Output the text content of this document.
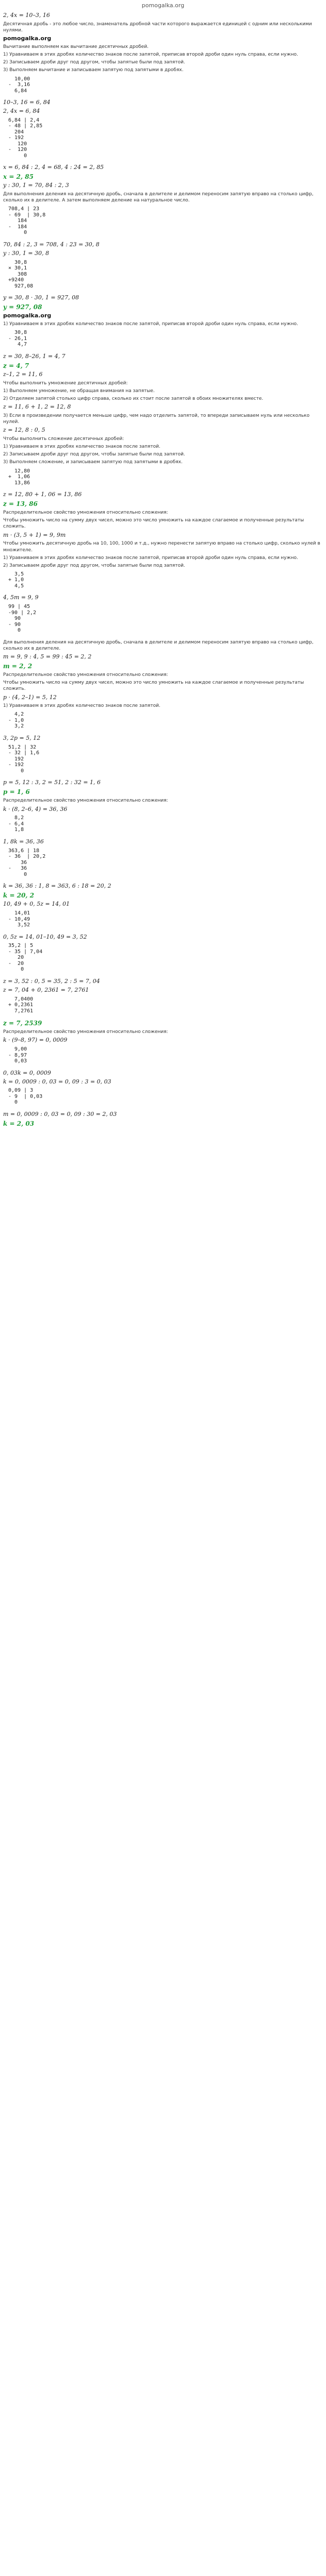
pomogalka.org
2, 4x = 10–3, 16
Десятичная дробь - это любое число, знаменатель дробной части которого выражается единицей с одним или несколькими нулями.
pomogalka.org
Вычитание выполняем как вычитание десятичных дробей.
1) Уравниваем в этих дробях количество знаков после запятой, приписав второй дроби один нуль справа, если нужно.
2) Записываем дроби друг под другом, чтобы запятые были под запятой.
3) Выполняем вычитание и записываем запятую под запятыми в дробях.
10,00
-  3,16
6,84
10–3, 16 = 6, 84
2, 4x = 6, 84
6,84 | 2,4
- 48 | 2,85
204
- 192
120
-  120
0
x = 6, 84 : 2, 4 = 68, 4 : 24 = 2, 85
x = 2, 85
y : 30, 1 = 70, 84 : 2, 3
Для выполнения деления на десятичную дробь, сначала в делителе и делимом переносим запятую вправо на столько цифр, сколько их в делителе. А затем выполняем деление на натуральное число.
708,4 | 23
- 69  | 30,8
184
-  184
0
70, 84 : 2, 3 = 708, 4 : 23 = 30, 8
y : 30, 1 = 30, 8
30,8
× 30,1
308
+9240
927,08
y = 30, 8 · 30, 1 = 927, 08
y = 927, 08
pomogalka.org
1) Уравниваем в этих дробях количество знаков после запятой, приписав второй дроби один нуль справа, если нужно.
30,8
- 26,1
4,7
z = 30, 8–26, 1 = 4, 7
z = 4, 7
z–1, 2 = 11, 6
Чтобы выполнить умножение десятичных дробей:
1) Выполняем умножение, не обращая внимания на запятые.
2) Отделяем запятой столько цифр справа, сколько их стоит после запятой в обоих множителях вместе.
z = 11, 6 + 1, 2 = 12, 8
3) Если в произведении получается меньше цифр, чем надо отделить запятой, то впереди записываем нуль или несколько нулей.
z = 12, 8 : 0, 5
Чтобы выполнить сложение десятичных дробей:
1) Уравниваем в этих дробях количество знаков после запятой.
2) Записываем дроби друг под другом, чтобы запятые были под запятой.
3) Выполняем сложение, и записываем запятую под запятыми в дробях.
12,80
+  1,06
13,86
z = 12, 80 + 1, 06 = 13, 86
z = 13, 86
Распределительное свойство умножения относительно сложения:
Чтобы умножить число на сумму двух чисел, можно это число умножить на каждое слагаемое и полученные результаты сложить.
m · (3, 5 + 1) = 9, 9m
Чтобы умножить десятичную дробь на 10, 100, 1000 и т.д., нужно перенести запятую вправо на столько цифр, сколько нулей в множителе.
1) Уравниваем в этих дробях количество знаков после запятой, приписав второй дроби один нуль справа, если нужно.
2) Записываем дроби друг под другом, чтобы запятые были под запятой.
3,5
+ 1,0
4,5
4, 5m = 9, 9
99 | 45
-90 | 2,2
90
- 90
0
Для выполнения деления на десятичную дробь, сначала в делителе и делимом переносим запятую вправо на столько цифр, сколько их в делителе.
m = 9, 9 : 4, 5 = 99 : 45 = 2, 2
m = 2, 2
Распределительное свойство умножения относительно сложения:
Чтобы умножить число на сумму двух чисел, можно это число умножить на каждое слагаемое и полученные результаты сложить.
p · (4, 2–1) = 5, 12
1) Уравниваем в этих дробях количество знаков после запятой.
4,2
- 1,0
3,2
3, 2p = 5, 12
51,2 | 32
- 32 | 1,6
192
- 192
0
p = 5, 12 : 3, 2 = 51, 2 : 32 = 1, 6
p = 1, 6
Распределительное свойство умножения относительно сложения:
k · (8, 2–6, 4) = 36, 36
8,2
- 6,4
1,8
1, 8k = 36, 36
363,6 | 18
- 36  | 20,2
36
-   36
0
k = 36, 36 : 1, 8 = 363, 6 : 18 = 20, 2
k = 20, 2
10, 49 + 0, 5z = 14, 01
14,01
- 10,49
3,52
0, 5z = 14, 01–10, 49 = 3, 52
35,2 | 5
- 35 | 7,04
20
-  20
0
z = 3, 52 : 0, 5 = 35, 2 : 5 = 7, 04
z = 7, 04 + 0, 2361 = 7, 2761
7,0400
+ 0,2361
7,2761
z = 7, 2539
Распределительное свойство умножения относительно сложения:
k · (9–8, 97) = 0, 0009
9,00
- 8,97
0,03
0, 03k = 0, 0009
k = 0, 0009 : 0, 03 = 0, 09 : 3 = 0, 03
0,09 | 3
- 9  | 0,03
0
m = 0, 0009 : 0, 03 = 0, 09 : 30 = 2, 03
k = 2, 03
